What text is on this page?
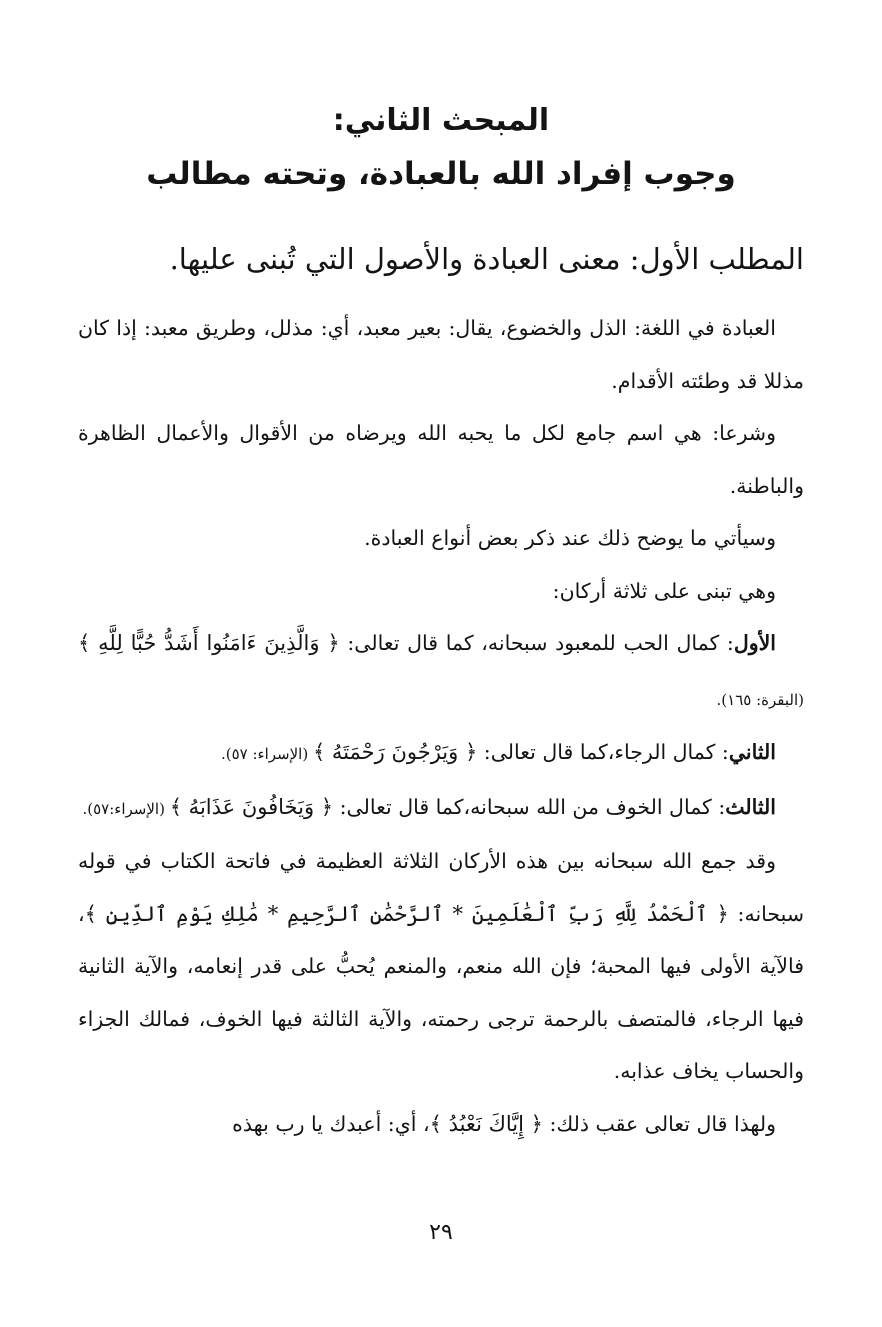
المبحث الثاني:

وجوب إفراد الله بالعبادة، وتحته مطالب

المطلب الأول: معنى العبادة والأصول التي تُبنى عليها.

العبادة في اللغة: الذل والخضوع، يقال: بعير معبد، أي: مذلل، وطريق معبد: إذا كان مذللا قد وطئته الأقدام.

وشرعا: هي اسم جامع لكل ما يحبه الله ويرضاه من الأقوال والأعمال الظاهرة والباطنة.

وسيأتي ما يوضح ذلك عند ذكر بعض أنواع العبادة.

وهي تبنى على ثلاثة أركان:

الأول: كمال الحب للمعبود سبحانه، كما قال تعالى: ﴿ وَالَّذِينَ ءَامَنُوا أَشَدُّ حُبًّا لِلَّهِ ﴾ (البقرة: ١٦٥).

الثاني: كمال الرجاء،كما قال تعالى: ﴿ وَيَرْجُونَ رَحْمَتَهُ ﴾ (الإسراء: ٥٧).

الثالث: كمال الخوف من الله سبحانه،كما قال تعالى: ﴿ وَيَخَافُونَ عَذَابَهُ ﴾ (الإسراء:٥٧).

وقد جمع الله سبحانه بين هذه الأركان الثلاثة العظيمة في فاتحة الكتاب في قوله سبحانه: ﴿ ٱلْحَمْدُ لِلَّهِ رَبِّ ٱلْعَٰلَمِينَ * ٱلرَّحْمَٰنِ ٱلرَّحِيمِ * مَٰلِكِ يَوْمِ ٱلدِّينِ ﴾، فالآية الأولى فيها المحبة؛ فإن الله منعم، والمنعم يُحبُّ على قدر إنعامه، والآية الثانية فيها الرجاء، فالمتصف بالرحمة ترجى رحمته، والآية الثالثة فيها الخوف، فمالك الجزاء والحساب يخاف عذابه.

ولهذا قال تعالى عقب ذلك: ﴿ إِيَّاكَ نَعْبُدُ ﴾، أي: أعبدك يا رب بهذه

٢٩
